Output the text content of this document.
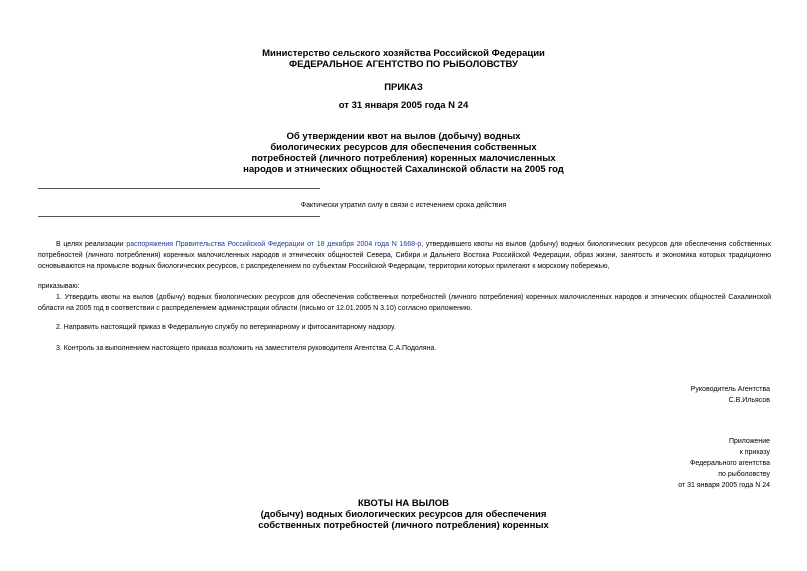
Министерство сельского хозяйства Российской Федерации
ФЕДЕРАЛЬНОЕ АГЕНТСТВО ПО РЫБОЛОВСТВУ
ПРИКАЗ
от 31 января 2005 года N 24
Об утверждении квот на вылов (добычу) водных
биологических ресурсов для обеспечения собственных
потребностей (личного потребления) коренных малочисленных
народов и этнических общностей Сахалинской области на 2005 год
Фактически утратил силу в связи с истечением срока действия
В целях реализации распоряжения Правительства Российской Федерации от 18 декабря 2004 года N 1668-р, утвердившего квоты на вылов (добычу) водных биологических ресурсов для обеспечения собственных потребностей (личного потребления) коренных малочисленных народов и этнических общностей Севера, Сибири и Дальнего Востока Российской Федерации, образ жизни, занятость и экономика которых традиционно основываются на промысле водных биологических ресурсов, с распределением по субъектам Российской Федерации, территории которых прилегают к морскому побережью,
приказываю:
1. Утвердить квоты на вылов (добычу) водных биологических ресурсов для обеспечения собственных потребностей (личного потребления) коренных малочисленных народов и этнических общностей Сахалинской области на 2005 год в соответствии с распределением администрации области (письмо от 12.01.2005 N 3.10) согласно приложению.
2. Направить настоящий приказ в Федеральную службу по ветеринарному и фитосанитарному надзору.
3. Контроль за выполнением настоящего приказа возложить на заместителя руководителя Агентства С.А.Подоляна.
Руководитель Агентства
С.В.Ильясов
Приложение
к приказу
Федерального агентства
по рыболовству
от 31 января 2005 года N 24
КВОТЫ НА ВЫЛОВ
(добычу) водных биологических ресурсов для обеспечения
собственных потребностей (личного потребления) коренных
